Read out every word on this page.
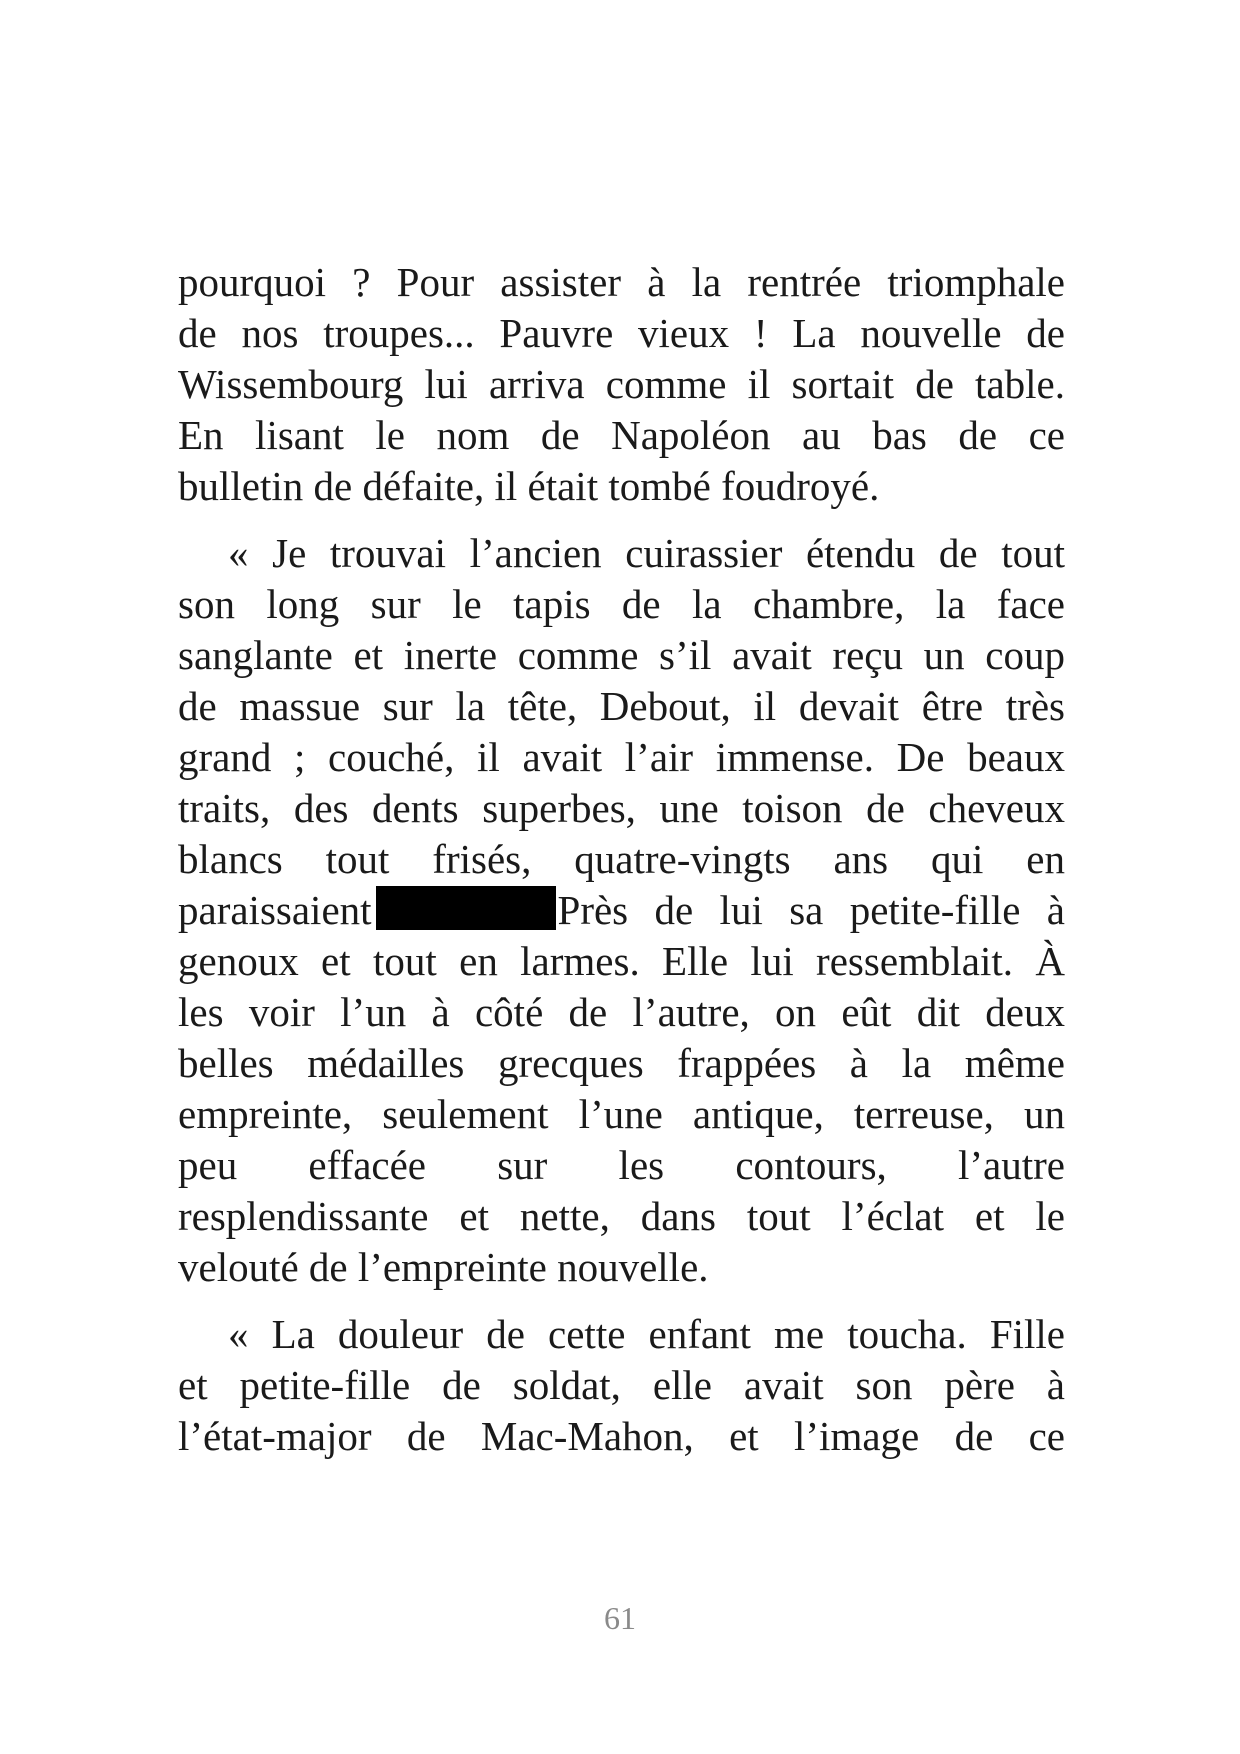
pourquoi ? Pour assister à la rentrée triomphale
de nos troupes... Pauvre vieux ! La nouvelle de
Wissembourg lui arriva comme il sortait de table.
En lisant le nom de Napoléon au bas de ce
bulletin de défaite, il était tombé foudroyé.
« Je trouvai l’ancien cuirassier étendu de tout
son long sur le tapis de la chambre, la face
sanglante et inerte comme s’il avait reçu un coup
de massue sur la tête, Debout, il devait être très
grand ; couché, il avait l’air immense. De beaux
traits, des dents superbes, une toison de cheveux
blancs tout frisés, quatre-vingts ans qui en
paraissaient	Près de lui sa petite-fille à
genoux et tout en larmes. Elle lui ressemblait. À
les voir l’un à côté de l’autre, on eût dit deux
belles médailles grecques frappées à la même
empreinte, seulement l’une antique, terreuse, un
peu effacée sur les contours, l’autre
resplendissante et nette, dans tout l’éclat et le
velouté de l’empreinte nouvelle.
« La douleur de cette enfant me toucha. Fille
et petite-fille de soldat, elle avait son père à
l’état-major de Mac-Mahon, et l’image de ce
61
